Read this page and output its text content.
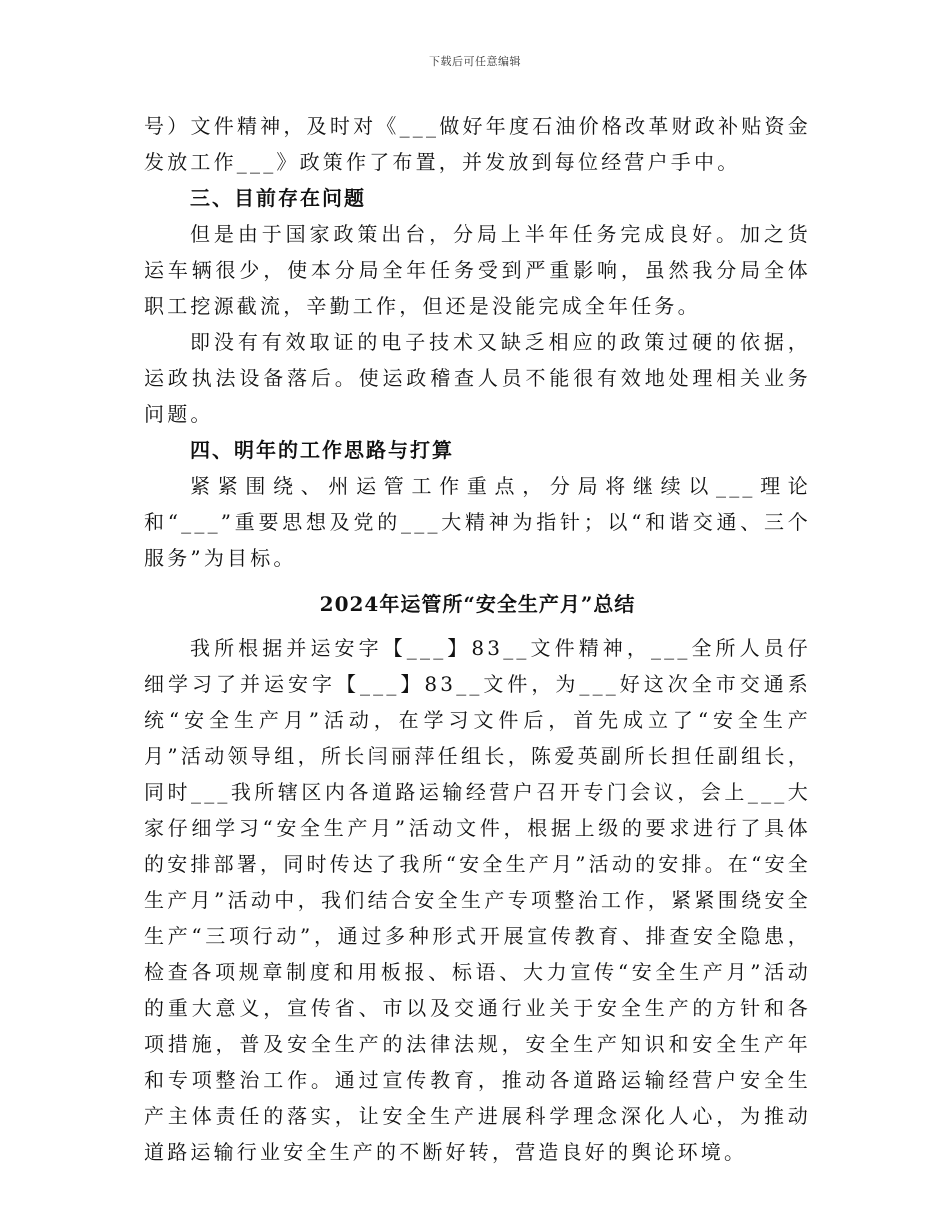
下载后可任意编辑

号）文件精神，及时对《___做好年度石油价格改革财政补贴资金发放工作___》政策作了布置，并发放到每位经营户手中。

三、目前存在问题

但是由于国家政策出台，分局上半年任务完成良好。加之货运车辆很少，使本分局全年任务受到严重影响，虽然我分局全体职工挖源截流，辛勤工作，但还是没能完成全年任务。

即没有有效取证的电子技术又缺乏相应的政策过硬的依据，运政执法设备落后。使运政稽查人员不能很有效地处理相关业务问题。

四、明年的工作思路与打算

紧紧围绕、州运管工作重点，分局将继续以___理论和“___”重要思想及党的___大精神为指针；以“和谐交通、三个服务”为目标。

2024年运管所“安全生产月”总结

我所根据并运安字【___】83__文件精神，___全所人员仔细学习了并运安字【___】83__文件，为___好这次全市交通系统“安全生产月”活动，在学习文件后，首先成立了“安全生产月”活动领导组，所长闫丽萍任组长，陈爱英副所长担任副组长，同时___我所辖区内各道路运输经营户召开专门会议，会上___大家仔细学习“安全生产月”活动文件，根据上级的要求进行了具体的安排部署，同时传达了我所“安全生产月”活动的安排。在“安全生产月”活动中，我们结合安全生产专项整治工作，紧紧围绕安全生产“三项行动”，通过多种形式开展宣传教育、排查安全隐患，检查各项规章制度和用板报、标语、大力宣传“安全生产月”活动的重大意义，宣传省、市以及交通行业关于安全生产的方针和各项措施，普及安全生产的法律法规，安全生产知识和安全生产年和专项整治工作。通过宣传教育，推动各道路运输经营户安全生产主体责任的落实，让安全生产进展科学理念深化人心，为推动道路运输行业安全生产的不断好转，营造良好的舆论环境。
